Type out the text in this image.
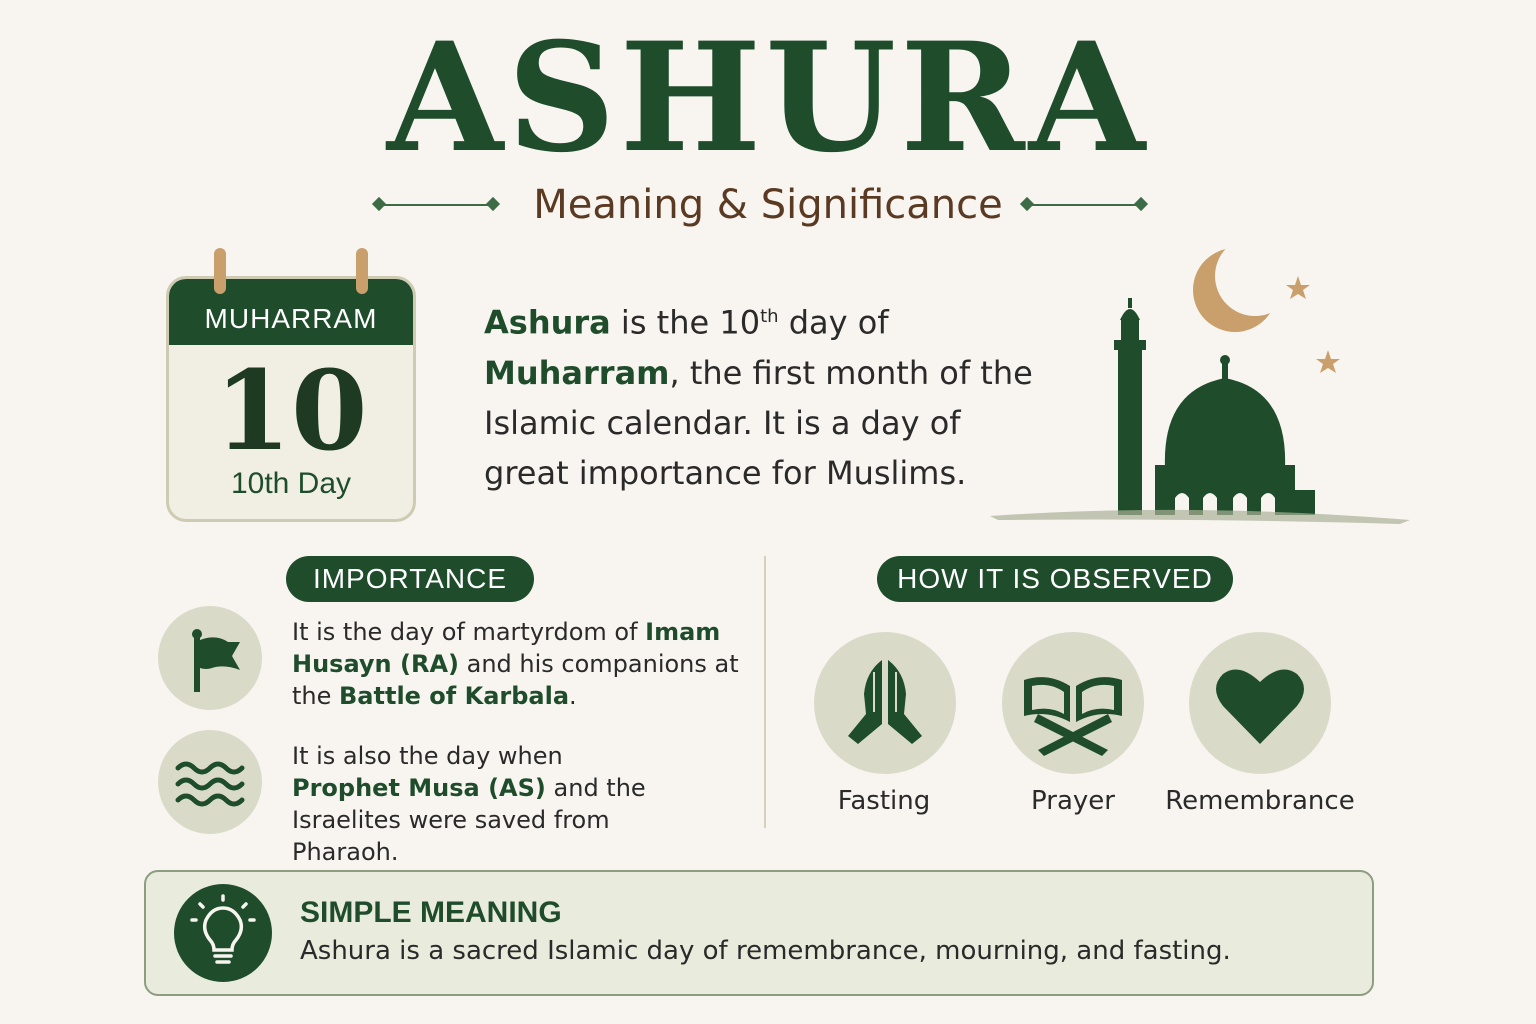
ASHURA
Meaning & Significance
MUHARRAM
10
10th Day
Ashura is the 10th day of Muharram, the first month of the Islamic calendar. It is a day of great importance for Muslims.
IMPORTANCE
It is the day of martyrdom of Imam Husayn (RA) and his companions at the Battle of Karbala.
It is also the day when Prophet Musa (AS) and the Israelites were saved from Pharaoh.
HOW IT IS OBSERVED
Fasting	Prayer	Remembrance
SIMPLE MEANING
Ashura is a sacred Islamic day of remembrance, mourning, and fasting.
